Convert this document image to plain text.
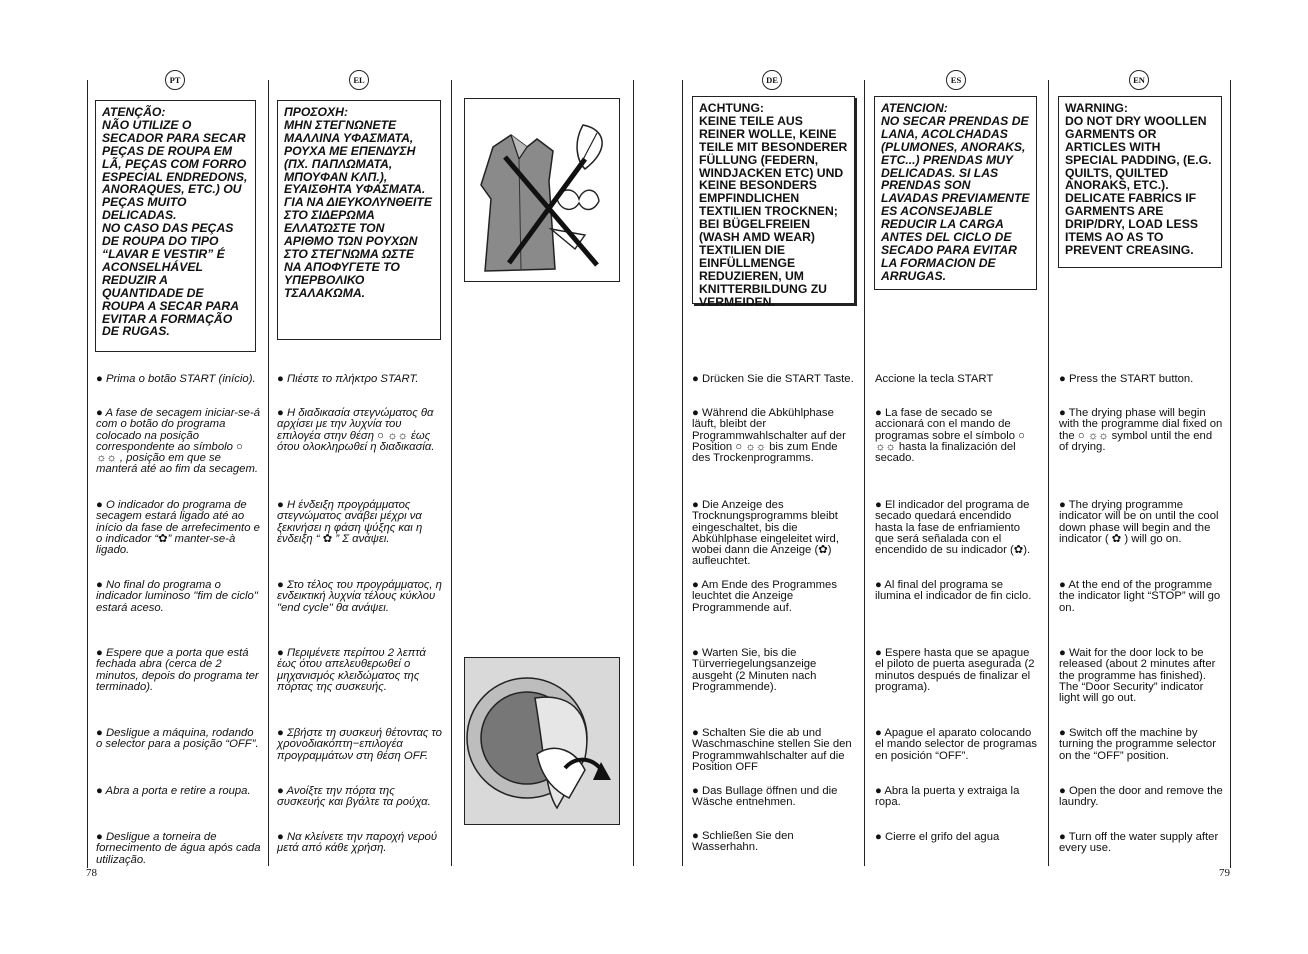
PT
ATENÇÃO:
NÃO UTILIZE O SECADOR PARA SECAR PEÇAS DE ROUPA EM LÃ, PEÇAS COM FORRO ESPECIAL ENDREDONS, ANORAQUES, ETC.) OU PEÇAS MUITO DELICADAS.
NO CASO DAS PEÇAS DE ROUPA DO TIPO “LAVAR E VESTIR” É ACONSELHÁVEL REDUZIR A QUANTIDADE DE ROUPA A SECAR PARA EVITAR A FORMAÇÃO DE RUGAS.
● Prima o botão START (início).
● A fase de secagem iniciar-se-á com o botão do programa colocado na posição correspondente ao símbolo ○ ☼☼ , posição em que se manterá até ao fim da secagem.
● O indicador do programa de secagem estará ligado até ao início da fase de arrefecimento e o indicador “✿” manter-se-à ligado.
● No final do programa o indicador luminoso "fim de ciclo" estará aceso.
● Espere que a porta que está fechada abra (cerca de 2 minutos, depois do programa ter terminado).
● Desligue a máquina, rodando o selector para a posição “OFF”.
● Abra a porta e retire a roupa.
● Desligue a torneira de fornecimento de água após cada utilização.
EL
ΠΡΟΣΟΧΗ:
ΜΗΝ ΣΤΕΓΝΩΝΕΤΕ ΜΑΛΛΙΝΑ ΥΦΑΣΜΑΤΑ, ΡΟΥΧΑ ΜΕ ΕΠΕΝΔΥΣΗ (ΠΧ. ΠΑΠΛΩΜΑΤΑ, ΜΠΟΥΦΑΝ ΚΛΠ.), ΕΥΑΙΣΘΗΤΑ ΥΦΑΣΜΑΤΑ. ΓΙΑ ΝΑ ΔΙΕΥΚΟΛΥΝΘΕΙΤΕ ΣΤΟ ΣΙΔΕΡΩΜΑ ΕΛΛΑΤΩΣΤΕ ΤΟΝ ΑΡΙΘΜΟ ΤΩΝ ΡΟΥΧΩΝ ΣΤΟ ΣΤΕΓΝΩΜΑ ΩΣΤΕ ΝΑ ΑΠΟΦΥΓΕΤΕ ΤΟ ΥΠΕΡΒΟΛΙΚΟ ΤΣΑΛΑΚΩΜΑ.
● Πιέστε το πλήκτρο START.
● Η διαδικασία στεγνώματος θα αρχίσει με την λυχνία του επιλογέα στην θέση ○ ☼☼ έως ότου ολοκληρωθεί η διαδικασία.
● Η ένδειξη προγράμματος στεγνώματος ανάβει μέχρι να ξεκινήσει η φάση ψύξης και η ένδειξη “ ✿ ” Σ ανάψει.
● Στο τέλος του προγράμματος, η ενδεικτική λυχνία τέλους κύκλου "end cycle" θα ανάψει.
● Περιμένετε περίπου 2 λεπτά έως ότου απελευθερωθεί ο μηχανισμός κλειδώματος της πόρτας της συσκευής.
● Σβήστε τη συσκευή θέτοντας το χρονοδιακόπτη−επιλογέα προγραμμάτων στη θέση OFF.
● Ανοίξτε την πόρτα της συσκευής και βγάλτε τα ρούχα.
● Να κλείνετε την παροχή νερού μετά από κάθε χρήση.
DE
ACHTUNG:
KEINE TEILE AUS REINER WOLLE, KEINE TEILE MIT BESONDERER FÜLLUNG (FEDERN, WINDJACKEN ETC) UND KEINE BESONDERS EMPFINDLICHEN TEXTILIEN TROCKNEN; BEI BÜGELFREIEN (WASH AMD WEAR) TEXTILIEN DIE EINFÜLLMENGE REDUZIEREN, UM KNITTERBILDUNG ZU VERMEIDEN.
● Drücken Sie die START Taste.
● Während die Abkühlphase läuft, bleibt der Programmwahlschalter auf der Position ○ ☼☼ bis zum Ende des Trockenprogramms.
● Die Anzeige des Trocknungsprogramms bleibt eingeschaltet, bis die Abkühlphase eingeleitet wird, wobei dann die Anzeige (✿) aufleuchtet.
● Am Ende des Programmes leuchtet die Anzeige Programmende auf.
● Warten Sie, bis die Türverriegelungsanzeige ausgeht (2 Minuten nach Programmende).
● Schalten Sie die ab und Waschmaschine stellen Sie den Programmwahlschalter auf die Position OFF
● Das Bullage öffnen und die Wäsche entnehmen.
● Schließen Sie den Wasserhahn.
ES
ATENCION:
NO SECAR PRENDAS DE LANA, ACOLCHADAS (PLUMONES, ANORAKS, ETC...) PRENDAS MUY DELICADAS. SI LAS PRENDAS SON LAVADAS PREVIAMENTE ES ACONSEJABLE REDUCIR LA CARGA ANTES DEL CICLO DE SECADO PARA EVITAR LA FORMACION DE ARRUGAS.
Accione la tecla START
● La fase de secado se accionará con el mando de programas sobre el símbolo ○ ☼☼ hasta la finalización del secado.
● El indicador del programa de secado quedará encendido hasta la fase de enfriamiento que será señalada con el encendido de su indicador (✿).
● Al final del programa se ilumina el indicador de fin ciclo.
● Espere hasta que se apague el piloto de puerta asegurada (2 minutos después de finalizar el programa).
● Apague el aparato colocando el mando selector de programas en posición “OFF”.
● Abra la puerta y extraiga la ropa.
● Cierre el grifo del agua
EN
WARNING:
DO NOT DRY WOOLLEN GARMENTS OR ARTICLES WITH SPECIAL PADDING, (E.G. QUILTS, QUILTED ANORAKS, ETC.). DELICATE FABRICS IF GARMENTS ARE DRIP/DRY, LOAD LESS ITEMS AO AS TO PREVENT CREASING.
● Press the START button.
● The drying phase will begin with the programme dial fixed on the ○ ☼☼ symbol until the end of drying.
● The drying programme indicator will be on until the cool down phase will begin and the indicator ( ✿ ) will go on.
● At the end of the programme the indicator light “STOP” will go on.
● Wait for the door lock to be released (about 2 minutes after the programme has finished). The “Door Security” indicator light will go out.
● Switch off the machine by turning the programme selector on the “OFF” position.
● Open the door and remove the laundry.
● Turn off the water supply after every use.
78	79
